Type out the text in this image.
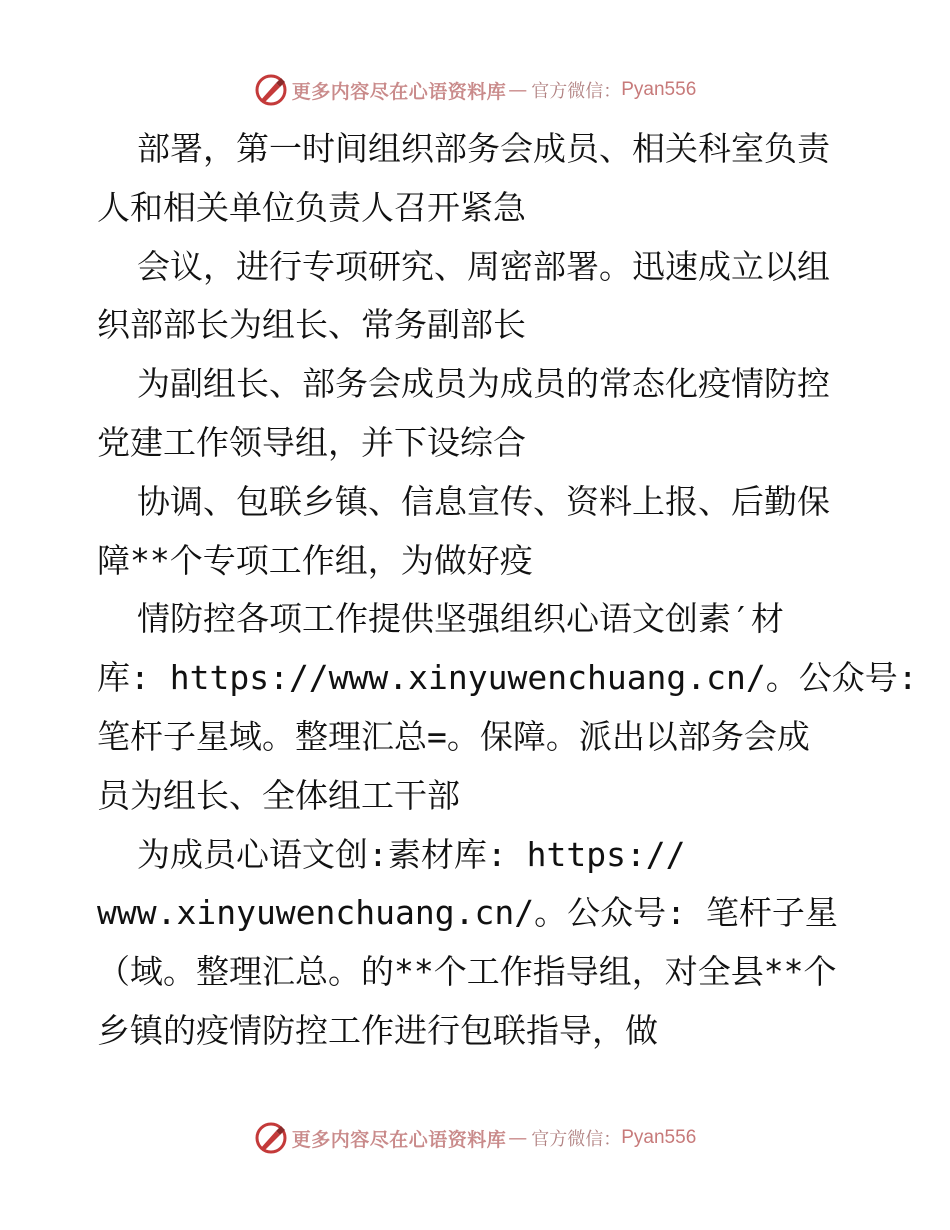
更多内容尽在心语资料库 — 官方微信： Pyan556
部署，第一时间组织部务会成员、相关科室负责
人和相关单位负责人召开紧急
会议，进行专项研究、周密部署。迅速成立以组
织部部长为组长、常务副部长
为副组长、部务会成员为成员的常态化疫情防控
党建工作领导组，并下设综合
协调、包联乡镇、信息宣传、资料上报、后勤保
障**个专项工作组，为做好疫
情防控各项工作提供坚强组织心语文创素′材
库: https://www.xinyuwenchuang.cn/。公众号:
笔杆子星域。整理汇总=。保障。派出以部务会成
员为组长、全体组工干部
为成员心语文创:素材库: https://
www.xinyuwenchuang.cn/。公众号: 笔杆子星
（域。整理汇总。的**个工作指导组，对全县**个
乡镇的疫情防控工作进行包联指导，做
更多内容尽在心语资料库 — 官方微信： Pyan556
